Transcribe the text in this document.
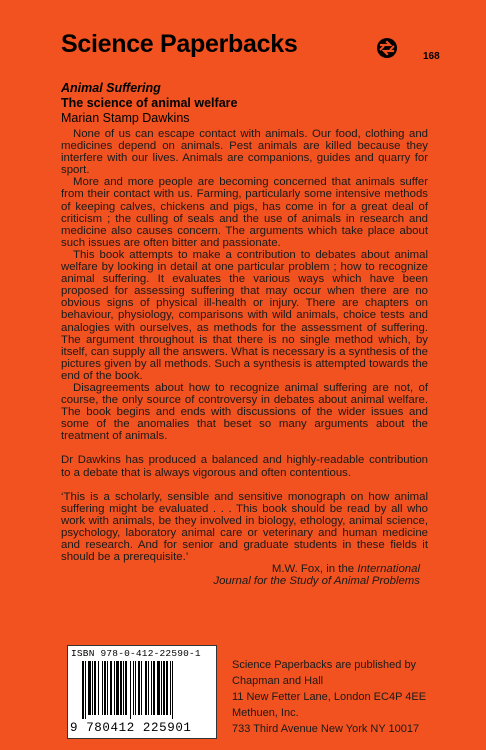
Science Paperbacks	168
Animal Suffering
The science of animal welfare
Marian Stamp Dawkins

None of us can escape contact with animals. Our food, clothing and medicines depend on animals. Pest animals are killed because they interfere with our lives. Animals are companions, guides and quarry for sport.

More and more people are becoming concerned that animals suffer from their contact with us. Farming, particularly some intensive methods of keeping calves, chickens and pigs, has come in for a great deal of criticism ; the culling of seals and the use of animals in research and medicine also causes concern. The arguments which take place about such issues are often bitter and passionate.

This book attempts to make a contribution to debates about animal welfare by looking in detail at one particular problem ; how to recognize animal suffering. It evaluates the various ways which have been proposed for assessing suffering that may occur when there are no obvious signs of physical ill-health or injury. There are chapters on behaviour, physiology, comparisons with wild animals, choice tests and analogies with ourselves, as methods for the assessment of suffering. The argument throughout is that there is no single method which, by itself, can supply all the answers. What is necessary is a synthesis of the pictures given by all methods. Such a synthesis is attempted towards the end of the book.

Disagreements about how to recognize animal suffering are not, of course, the only source of controversy in debates about animal welfare. The book begins and ends with discussions of the wider issues and some of the anomalies that beset so many arguments about the treatment of animals.

Dr Dawkins has produced a balanced and highly-readable contribution to a debate that is always vigorous and often contentious.

‘This is a scholarly, sensible and sensitive monograph on how animal suffering might be evaluated . . . This book should be read by all who work with animals, be they involved in biology, ethology, animal science, psychology, laboratory animal care or veterinary and human medicine and research. And for senior and graduate students in these fields it should be a prerequisite.’

M.W. Fox, in the International
Journal for the Study of Animal Problems
ISBN 978-0-412-22590-1
9 780412 225901
Science Paperbacks are published by
Chapman and Hall
11 New Fetter Lane, London EC4P 4EE
Methuen, Inc.
733 Third Avenue New York NY 10017
